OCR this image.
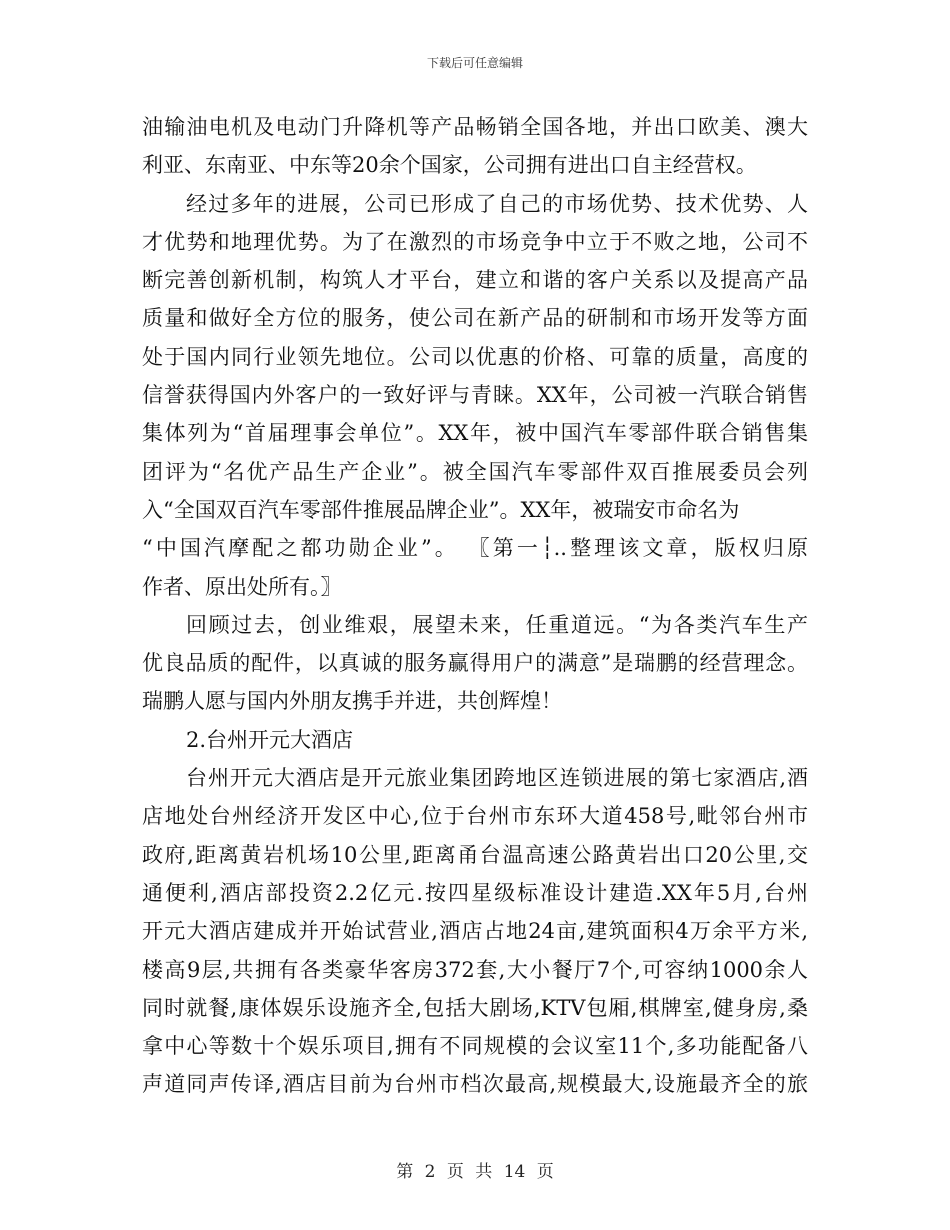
下载后可任意编辑
油输油电机及电动门升降机等产品畅销全国各地，并出口欧美、澳大
利亚、东南亚、中东等20余个国家，公司拥有进出口自主经营权。
经过多年的进展，公司已形成了自己的市场优势、技术优势、人
才优势和地理优势。为了在激烈的市场竞争中立于不败之地，公司不
断完善创新机制，构筑人才平台，建立和谐的客户关系以及提高产品
质量和做好全方位的服务，使公司在新产品的研制和市场开发等方面
处于国内同行业领先地位。公司以优惠的价格、可靠的质量，高度的
信誉获得国内外客户的一致好评与青睐。XX年，公司被一汽联合销售
集体列为“首届理事会单位”。XX年，被中国汽车零部件联合销售集
团评为“名优产品生产企业”。被全国汽车零部件双百推展委员会列
入“全国双百汽车零部件推展品牌企业”。XX年，被瑞安市命名为
“中国汽摩配之都功勋企业”。 〖第一┆..整理该文章，版权归原
作者、原出处所有。〗
回顾过去，创业维艰，展望未来，任重道远。“为各类汽车生产
优良品质的配件，以真诚的服务赢得用户的满意”是瑞鹏的经营理念。
瑞鹏人愿与国内外朋友携手并进，共创辉煌！
2.台州开元大酒店
台州开元大酒店是开元旅业集团跨地区连锁进展的第七家酒店,酒
店地处台州经济开发区中心,位于台州市东环大道458号,毗邻台州市
政府,距离黄岩机场10公里,距离甬台温高速公路黄岩出口20公里,交
通便利,酒店部投资2.2亿元.按四星级标准设计建造.XX年5月,台州
开元大酒店建成并开始试营业,酒店占地24亩,建筑面积4万余平方米,
楼高9层,共拥有各类豪华客房372套,大小餐厅7个,可容纳1000余人
同时就餐,康体娱乐设施齐全,包括大剧场,KTV包厢,棋牌室,健身房,桑
拿中心等数十个娱乐项目,拥有不同规模的会议室11个,多功能配备八
声道同声传译,酒店目前为台州市档次最高,规模最大,设施最齐全的旅
第 2 页 共 14 页
